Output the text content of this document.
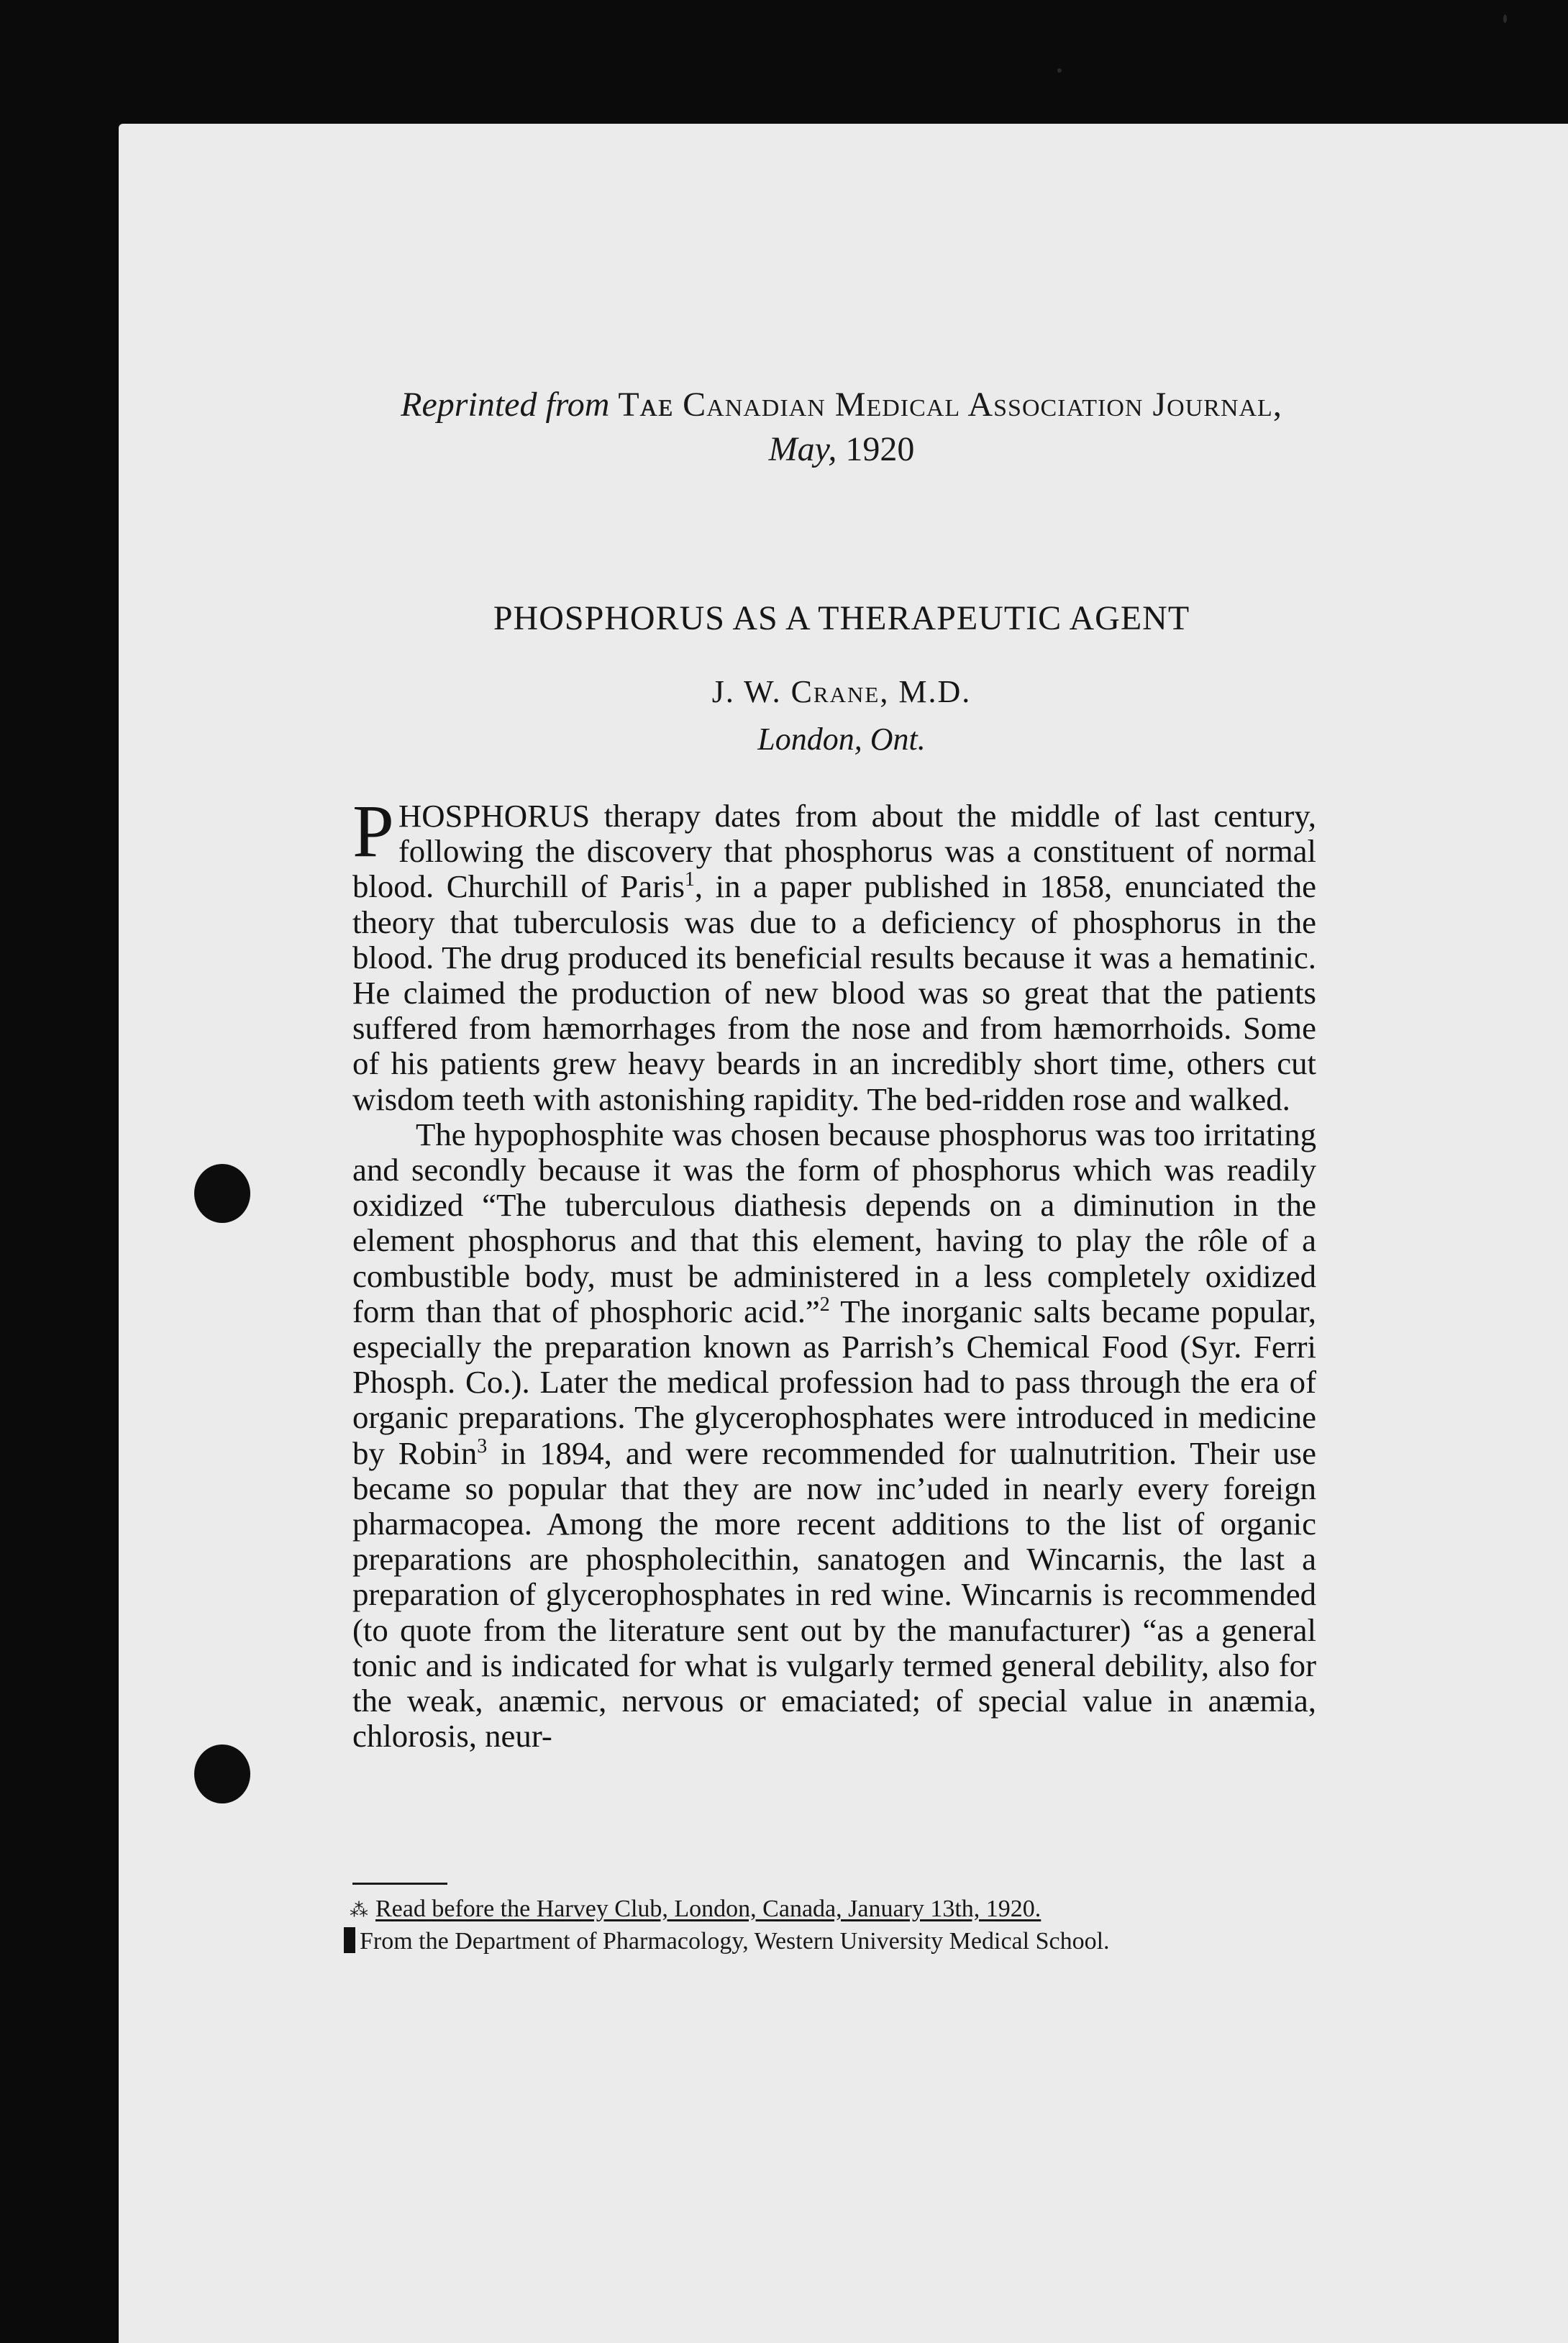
Reprinted from Tᴀᴇ Canadian Medical Association Journal,
May, 1920
PHOSPHORUS AS A THERAPEUTIC AGENT
J. W. Crane, M.D.
London, Ont.

PHOSPHORUS therapy dates from about the middle of last century, following the discovery that phosphorus was a constituent of normal blood. Churchill of Paris$^1$, in a paper published in 1858, enunciated the theory that tuberculosis was due to a deficiency of phosphorus in the blood. The drug produced its beneficial results because it was a hematinic. He claimed the production of new blood was so great that the patients suffered from hæmorrhages from the nose and from hæmorrhoids. Some of his patients grew heavy beards in an incredibly short time, others cut wisdom teeth with astonishing rapidity. The bed-ridden rose and walked.

The hypophosphite was chosen because phosphorus was too irritating and secondly because it was the form of phosphorus which was readily oxidized “The tuberculous diathesis depends on a diminution in the element phosphorus and that this element, having to play the rôle of a combustible body, must be administered in a less completely oxidized form than that of phosphoric acid.”$^2$ The inorganic salts became popular, especially the preparation known as Parrish’s Chemical Food (Syr. Ferri Phosph. Co.). Later the medical profession had to pass through the era of organic preparations. The glycerophosphates were introduced in medicine by Robin$^3$ in 1894, and were recommended for ɯalnutrition. Their use became so popular that they are now inc’uded in nearly every foreign pharmacopea. Among the more recent additions to the list of organic preparations are phospholecithin, sanatogen and Wincarnis, the last a preparation of glycerophosphates in red wine. Wincarnis is recommended (to quote from the literature sent out by the manufacturer) “as a general tonic and is indicated for what is vulgarly termed general debility, also for the weak, anæmic, nervous or emaciated; of special value in anæmia, chlorosis, neur-

⁂ Read before the Harvey Club, London, Canada, January 13th, 1920.
From the Department of Pharmacology, Western University Medical School.
